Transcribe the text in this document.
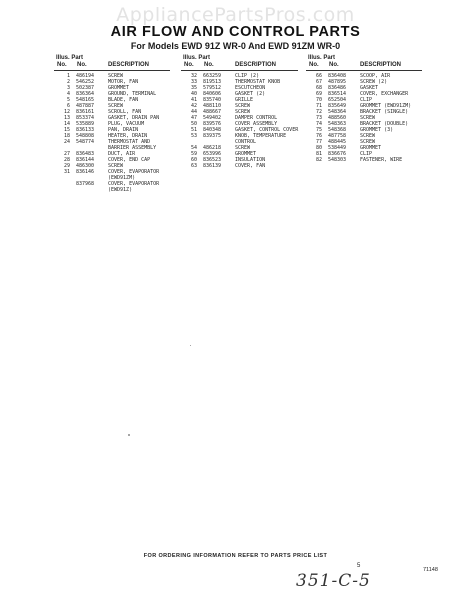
AppliancePartsPros.com
AIR FLOW AND CONTROL PARTS
For Models EWD 91Z WR-0 And EWD 91ZM WR-0
Illus. Part
No. No.	DESCRIPTION
1 486194	SCREW
2 546252	MOTOR, FAN
3 502387	GROMMET
4 836364	GROUND, TERMINAL
5 548165	BLADE, FAN
6 487887	SCREW
12 836161	SCROLL, FAN
13 853374	GASKET, DRAIN PAN
14 535889	PLUG, VACUUM
15 836133	PAN, DRAIN
18 548808	HEATER, DRAIN
24 548774	THERMOSTAT AND
BARRIER ASSEMBLY
27 836483	DUCT, AIR
28 836144	COVER, END CAP
29 486300	SCREW
31 836146	COVER, EVAPORATOR
(EWD91ZM)
837968	COVER, EVAPORATOR
(EWD91Z)
Illus. Part
No. No.	DESCRIPTION
32 663259	CLIP (2)
33 819513	THERMOSTAT KNOB
35 579512	ESCUTCHEON
40 840606	GASKET (2)
41 835740	GRILLE
42 488110	SCREW
44 488667	SCREW
47 549402	DAMPER CONTROL
50 839576	COVER ASSEMBLY
51 840348	GASKET, CONTROL COVER
53 839375	KNOB, TEMPERATURE
CONTROL
54 486218	SCREW
59 653996	GROMMET
60 836523	INSULATION
63 836139	COVER, FAN
Illus. Part
No. No.	DESCRIPTION
66 836408	SCOOP, AIR
67 487895	SCREW (2)
68 836486	GASKET
69 836514	COVER, EXCHANGER
70 652504	CLIP
71 835649	GROMMET (EWD91ZM)
72 548364	BRACKET (SINGLE)
73 488560	SCREW
74 548363	BRACKET (DOUBLE)
75 548368	GROMMET (3)
76 487758	SCREW
77 488445	SCREW
80 538449	GROMMET
81 836676	CLIP
82 548303	FASTENER, WIRE
FOR ORDERING INFORMATION REFER TO PARTS PRICE LIST
5
71148
351-C-5
